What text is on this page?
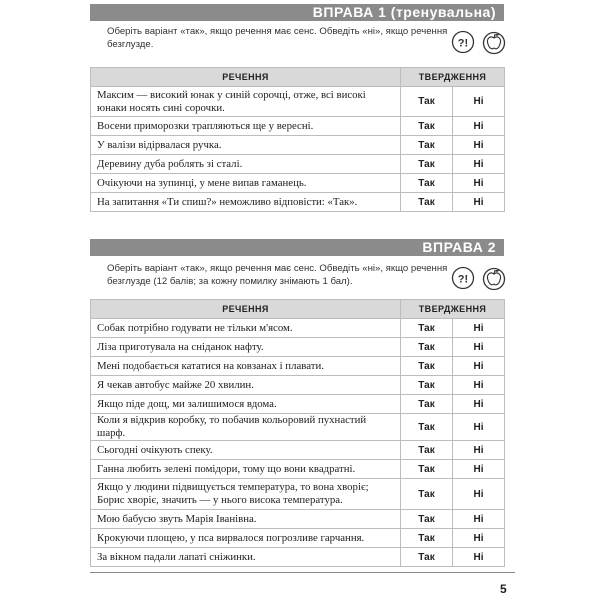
ВПРАВА 1 (тренувальна)
Оберіть варіант «так», якщо речення має сенс. Обведіть «ні», якщо речення безглузде.	?!
РЕЧЕННЯ	ТВЕРДЖЕННЯ	
Максим — високий юнак у синій сорочці, отже, всі високі юнаки носять сині сорочки.	Так	Ні
Восени приморозки трапляються ще у вересні.	Так	Ні
У валізи відірвалася ручка.	Так	Ні
Деревину дуба роблять зі сталі.	Так	Ні
Очікуючи на зупинці, у мене випав гаманець.	Так	Ні
На запитання «Ти спиш?» неможливо відповісти: «Так».	Так	Ні
ВПРАВА 2
Оберіть варіант «так», якщо речення має сенс. Обведіть «ні», якщо речення безглузде (12 балів; за кожну помилку знімають 1 бал).	?!
РЕЧЕННЯ	ТВЕРДЖЕННЯ	
Собак потрібно годувати не тільки м'ясом.	Так	Ні
Ліза приготувала на сніданок нафту.	Так	Ні
Мені подобається кататися на ковзанах і плавати.	Так	Ні
Я чекав автобус майже 20 хвилин.	Так	Ні
Якщо піде дощ, ми залишимося вдома.	Так	Ні
Коли я відкрив коробку, то побачив кольоровий пухнастий шарф.	Так	Ні
Сьогодні очікують спеку.	Так	Ні
Ганна любить зелені помідори, тому що вони квадратні.	Так	Ні
Якщо у людини підвищується температура, то вона хворіє; Борис хворіє, значить — у нього висока температура.	Так	Ні
Мою бабусю звуть Марія Іванівна.	Так	Ні
Крокуючи площею, у пса вирвалося погрозливе гарчання.	Так	Ні
За вікном падали лапаті сніжинки.	Так	Ні
5
